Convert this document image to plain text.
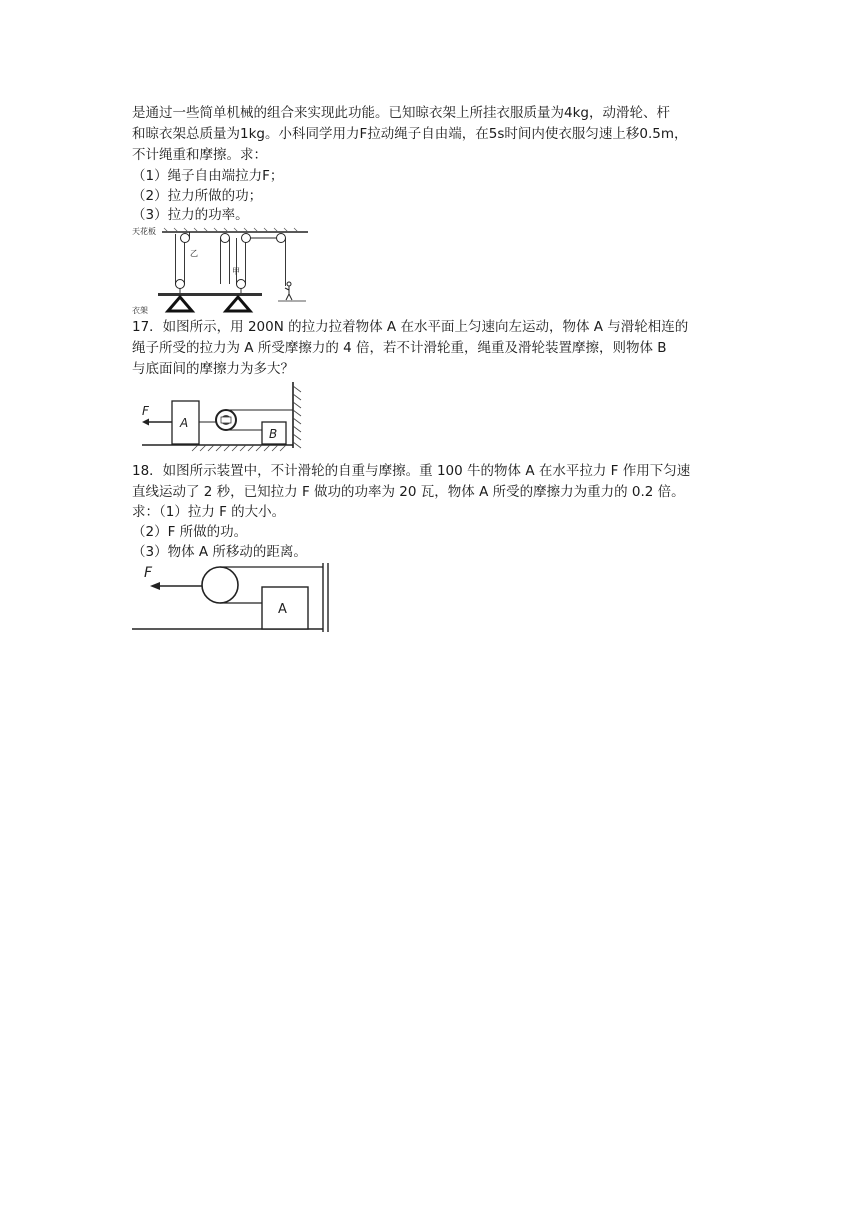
是通过一些简单机械的组合来实现此功能。已知晾衣架上所挂衣服质量为4kg，动滑轮、杆
和晾衣架总质量为1kg。小科同学用力F拉动绳子自由端，在5s时间内使衣服匀速上移0.5m，
不计绳重和摩擦。求：
（1）绳子自由端拉力F；
（2）拉力所做的功；
（3）拉力的功率。
天花板
乙
甲
衣架
17．如图所示，用 200N 的拉力拉着物体 A 在水平面上匀速向左运动，物体 A 与滑轮相连的
绳子所受的拉力为 A 所受摩擦力的 4 倍，若不计滑轮重，绳重及滑轮装置摩擦，则物体 B
与底面间的摩擦力为多大？
F
A
B
18．如图所示装置中，不计滑轮的自重与摩擦。重 100 牛的物体 A 在水平拉力 F 作用下匀速
直线运动了 2 秒，已知拉力 F 做功的功率为 20 瓦，物体 A 所受的摩擦力为重力的 0.2 倍。
求：（1）拉力 F 的大小。
（2）F 所做的功。
（3）物体 A 所移动的距离。
F
A
